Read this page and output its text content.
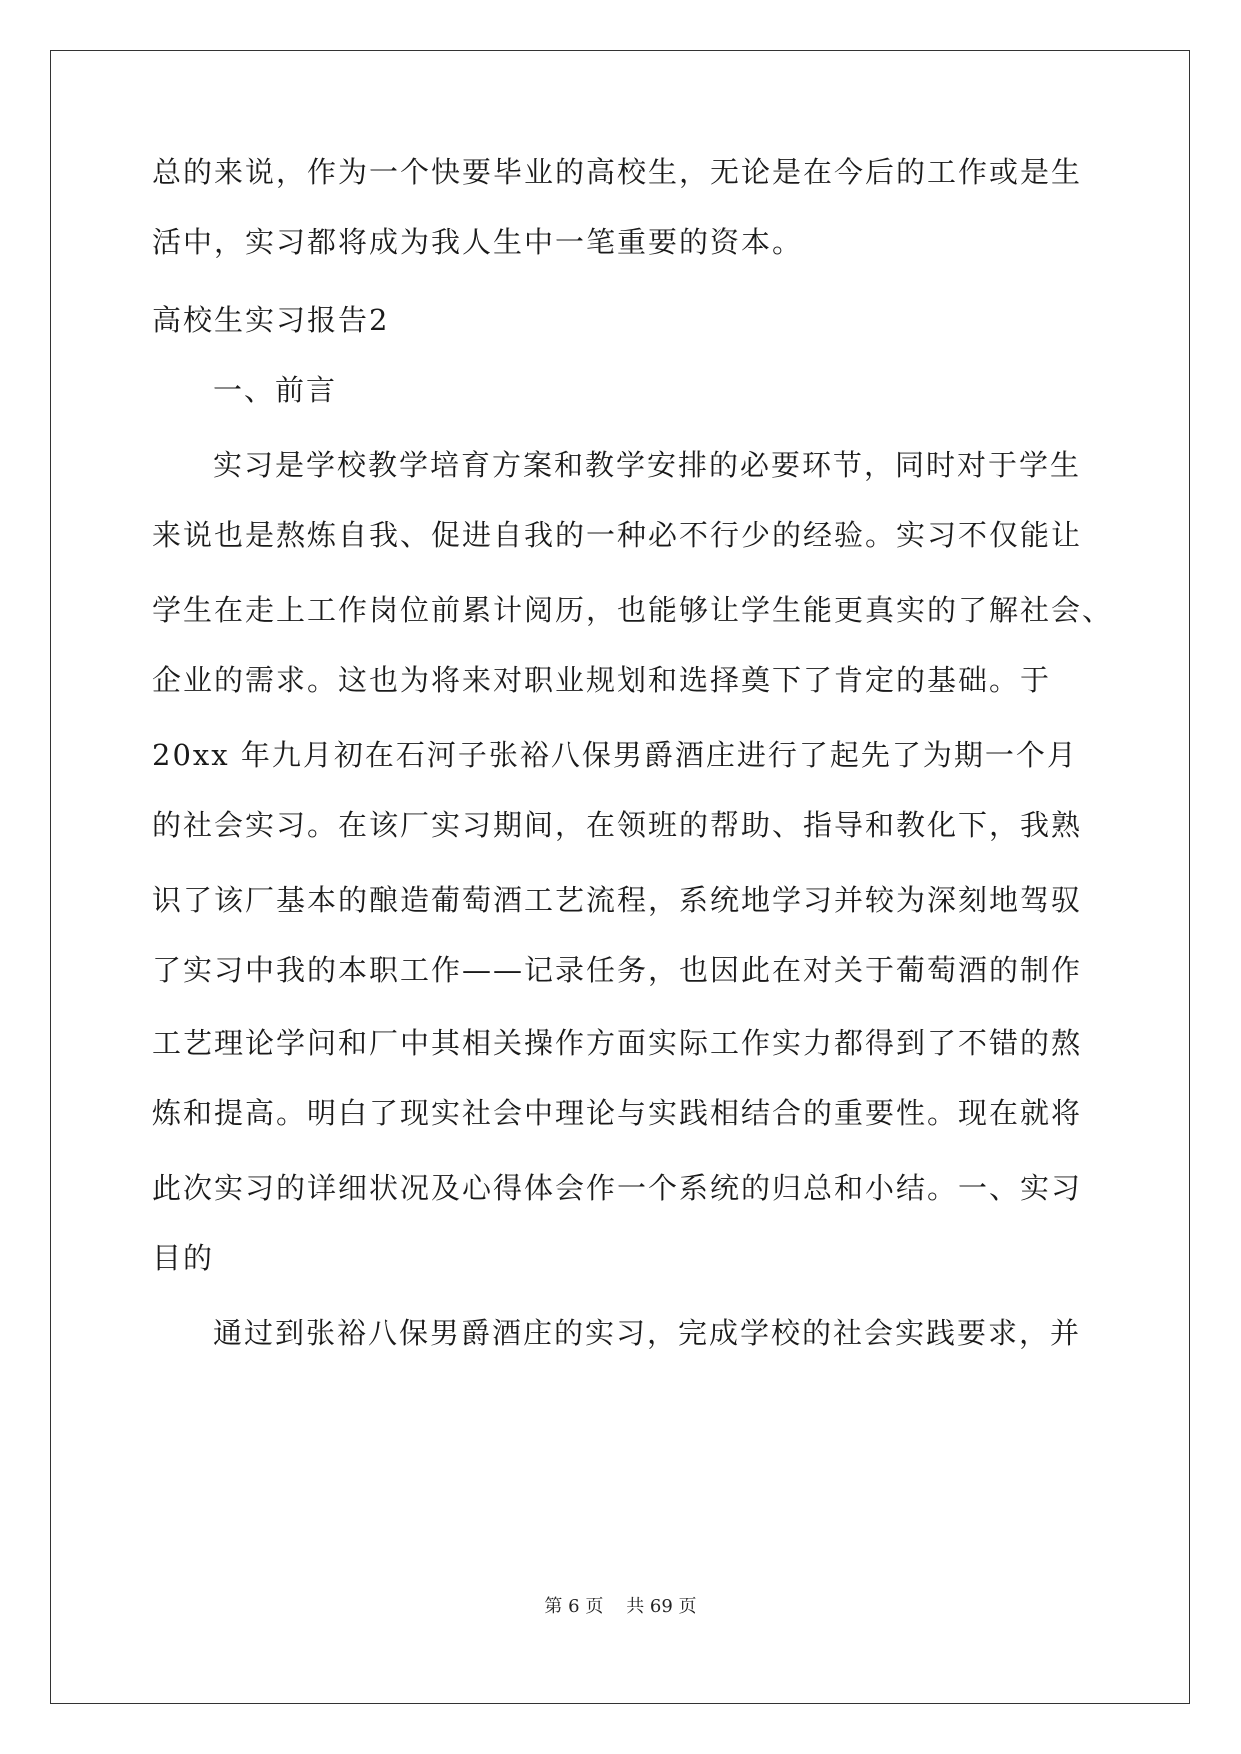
总的来说，作为一个快要毕业的高校生，无论是在今后的工作或是生
活中，实习都将成为我人生中一笔重要的资本。
高校生实习报告2
一、前言
实习是学校教学培育方案和教学安排的必要环节，同时对于学生
来说也是熬炼自我、促进自我的一种必不行少的经验。实习不仅能让
学生在走上工作岗位前累计阅历，也能够让学生能更真实的了解社会、
企业的需求。这也为将来对职业规划和选择奠下了肯定的基础。于
20xx 年九月初在石河子张裕八保男爵酒庄进行了起先了为期一个月
的社会实习。在该厂实习期间，在领班的帮助、指导和教化下，我熟
识了该厂基本的酿造葡萄酒工艺流程，系统地学习并较为深刻地驾驭
了实习中我的本职工作——记录任务，也因此在对关于葡萄酒的制作
工艺理论学问和厂中其相关操作方面实际工作实力都得到了不错的熬
炼和提高。明白了现实社会中理论与实践相结合的重要性。现在就将
此次实习的详细状况及心得体会作一个系统的归总和小结。一、实习
目的
通过到张裕八保男爵酒庄的实习，完成学校的社会实践要求，并
第 6 页    共 69 页
